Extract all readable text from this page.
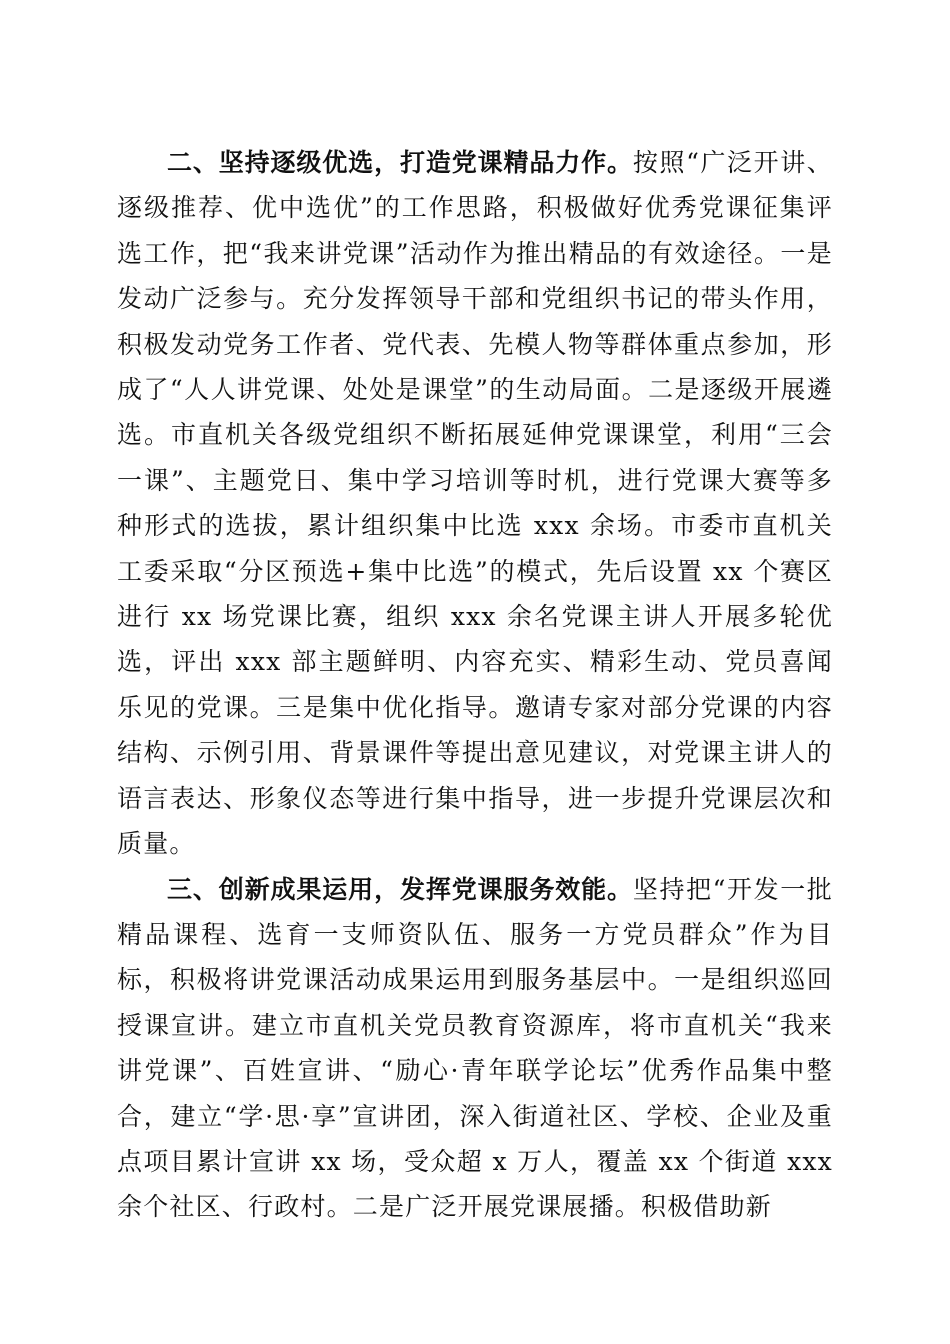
二、坚持逐级优选，打造党课精品力作。按照“广泛开讲、逐级推荐、优中选优”的工作思路，积极做好优秀党课征集评选工作，把“我来讲党课”活动作为推出精品的有效途径。一是发动广泛参与。充分发挥领导干部和党组织书记的带头作用，积极发动党务工作者、党代表、先模人物等群体重点参加，形成了“人人讲党课、处处是课堂”的生动局面。二是逐级开展遴选。市直机关各级党组织不断拓展延伸党课课堂，利用“三会一课”、主题党日、集中学习培训等时机，进行党课大赛等多种形式的选拔，累计组织集中比选 xxx 余场。市委市直机关工委采取“分区预选+集中比选”的模式，先后设置 xx 个赛区进行 xx 场党课比赛，组织 xxx 余名党课主讲人开展多轮优选，评出 xxx 部主题鲜明、内容充实、精彩生动、党员喜闻乐见的党课。三是集中优化指导。邀请专家对部分党课的内容结构、示例引用、背景课件等提出意见建议，对党课主讲人的语言表达、形象仪态等进行集中指导，进一步提升党课层次和质量。

三、创新成果运用，发挥党课服务效能。坚持把“开发一批精品课程、选育一支师资队伍、服务一方党员群众”作为目标，积极将讲党课活动成果运用到服务基层中。一是组织巡回授课宣讲。建立市直机关党员教育资源库，将市直机关“我来讲党课”、百姓宣讲、“励心·青年联学论坛”优秀作品集中整合，建立“学·思·享”宣讲团，深入街道社区、学校、企业及重点项目累计宣讲 xx 场，受众超 x 万人，覆盖 xx 个街道 xxx 余个社区、行政村。二是广泛开展党课展播。积极借助新
